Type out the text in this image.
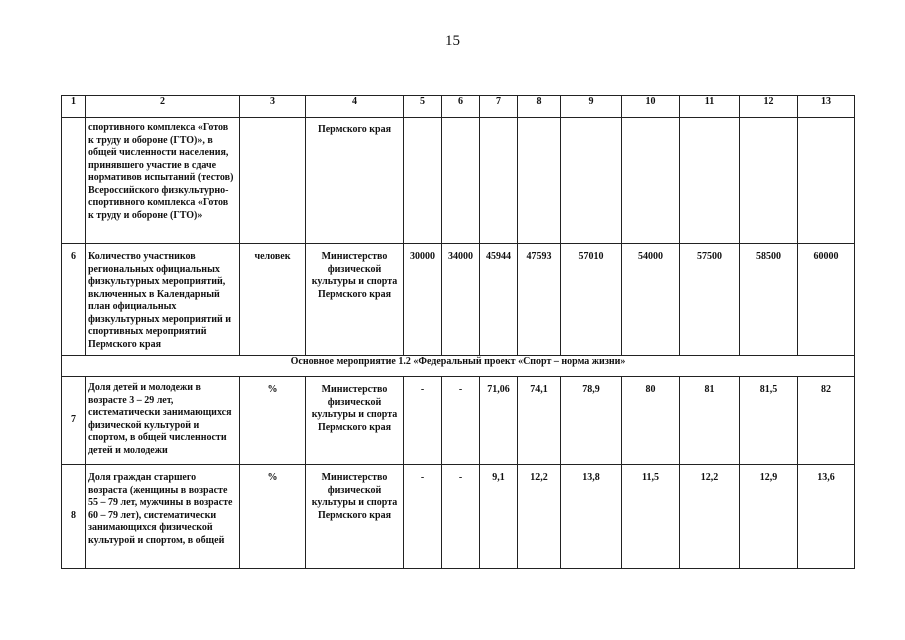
15
1	2	3	4	5	6	7	8	9	10	11	12	13
	спортивного комплекса «Готов к труду и обороне (ГТО)», в общей численности населения, принявшего участие в сдаче нормативов испытаний (тестов) Всероссийского физкультурно-спортивного комплекса «Готов к труду и обороне (ГТО)»		Пермского края									
6	Количество участников региональных официальных физкультурных мероприятий, включенных в Календарный план официальных физкультурных мероприятий и спортивных мероприятий Пермского края	человек	Министерство физической культуры и спорта Пермского края	30000	34000	45944	47593	57010	54000	57500	58500	60000
Основное мероприятие 1.2 «Федеральный проект «Спорт – норма жизни»												
7	Доля детей и молодежи в возрасте 3 – 29 лет, систематически занимающихся физической культурой и спортом, в общей численности детей и молодежи	%	Министерство физической культуры и спорта Пермского края	-	-	71,06	74,1	78,9	80	81	81,5	82
8	Доля граждан старшего возраста (женщины в возрасте 55 – 79 лет, мужчины в возрасте 60 – 79 лет), систематически занимающихся физической культурой и спортом, в общей	%	Министерство физической культуры и спорта Пермского края	-	-	9,1	12,2	13,8	11,5	12,2	12,9	13,6
